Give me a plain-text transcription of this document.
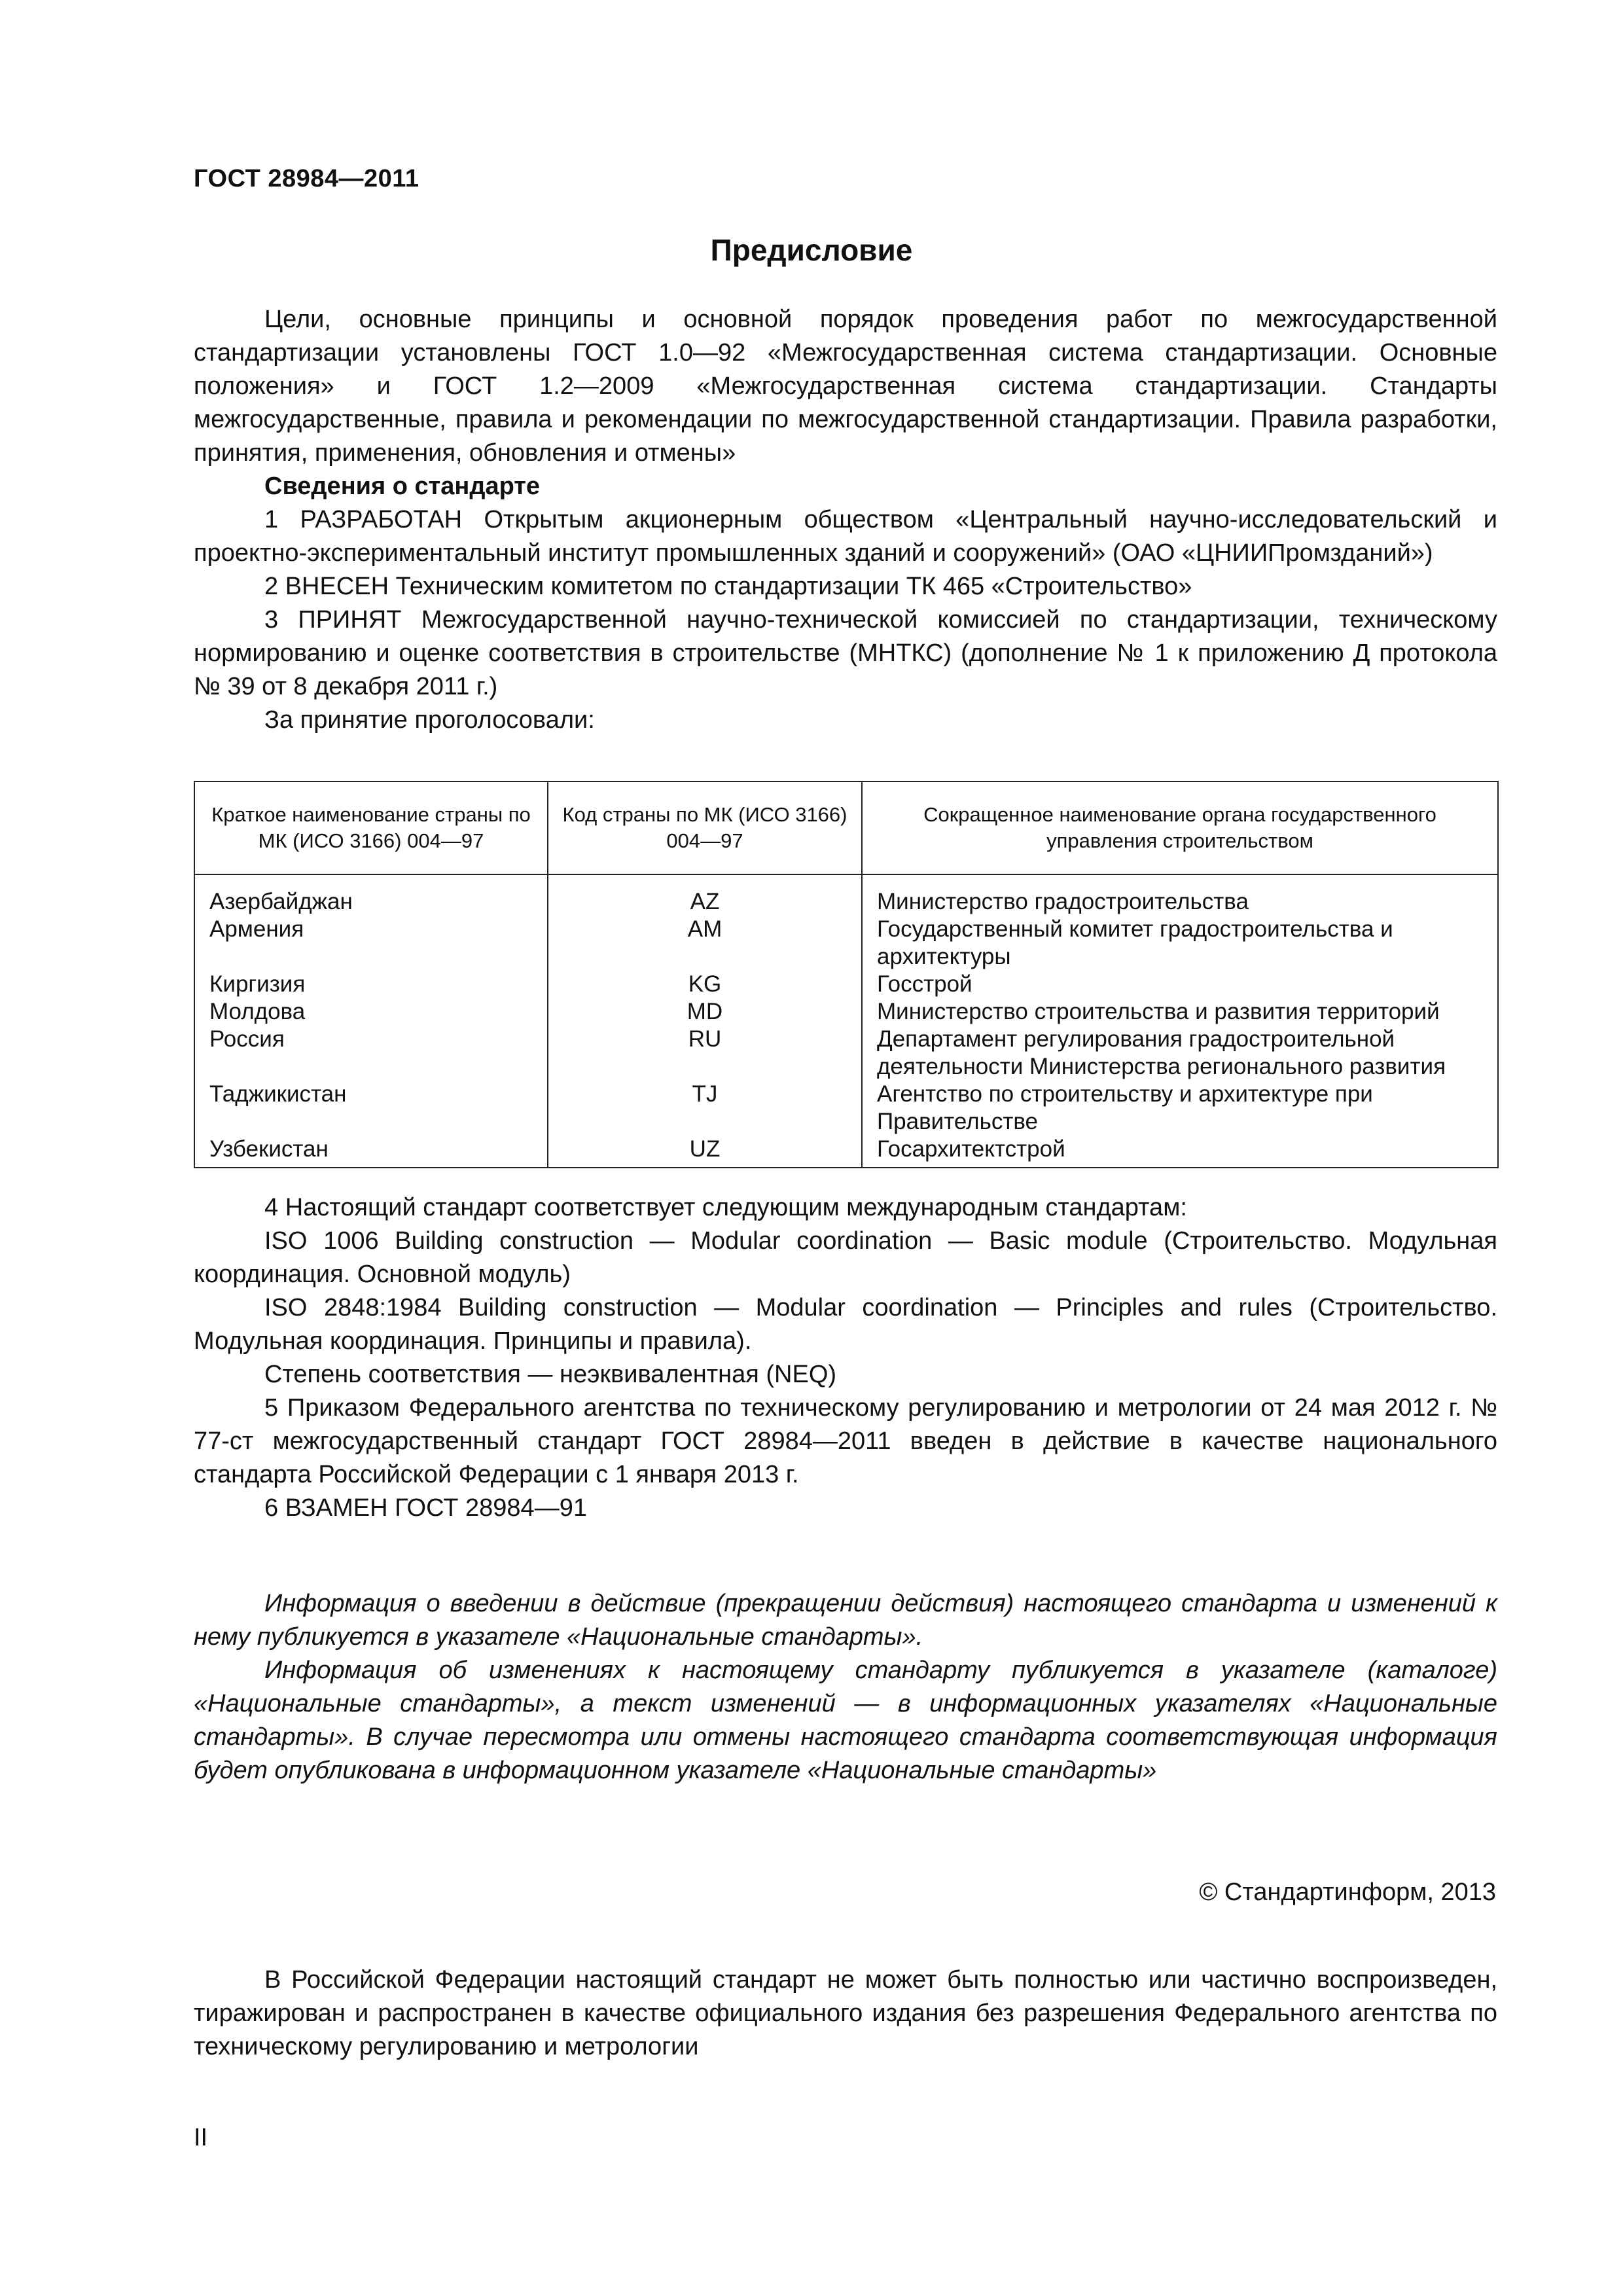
ГОСТ 28984—2011
Предисловие

Цели, основные принципы и основной порядок проведения работ по межгосударственной стандартизации установлены ГОСТ 1.0—92 «Межгосударственная система стандартизации. Основные положения» и ГОСТ 1.2—2009 «Межгосударственная система стандартизации. Стандарты межгосударственные, правила и рекомендации по межгосударственной стандартизации. Правила разработки, принятия, применения, обновления и отмены»

Сведения о стандарте

1 РАЗРАБОТАН Открытым акционерным обществом «Центральный научно-исследовательский и проектно-экспериментальный институт промышленных зданий и сооружений» (ОАО «ЦНИИПромзданий»)

2 ВНЕСЕН Техническим комитетом по стандартизации ТК 465 «Строительство»

3 ПРИНЯТ Межгосударственной научно-технической комиссией по стандартизации, техническому нормированию и оценке соответствия в строительстве (МНТКС) (дополнение № 1 к приложению Д протокола № 39 от 8 декабря 2011 г.)

За принятие проголосовали:

Краткое наименование страны по МК (ИСО 3166) 004—97	Код страны по МК (ИСО 3166) 004—97	Сокращенное наименование органа государственного управления строительством
Азербайджан	AZ	Министерство градостроительства
Армения	AM	Государственный комитет градостроительства и архитектуры
Киргизия	KG	Госстрой
Молдова	MD	Министерство строительства и развития территорий
Россия	RU	Департамент регулирования градостроительной деятельности Министерства регионального развития
Таджикистан	TJ	Агентство по строительству и архитектуре при Правительстве
Узбекистан	UZ	Госархитектстрой

4 Настоящий стандарт соответствует следующим международным стандартам:

ISO 1006 Building construction — Modular coordination — Basic module (Строительство. Модульная координация. Основной модуль)

ISO 2848:1984 Building construction — Modular coordination — Principles and rules (Строительство. Модульная координация. Принципы и правила).

Степень соответствия — неэквивалентная (NEQ)

5 Приказом Федерального агентства по техническому регулированию и метрологии от 24 мая 2012 г. № 77-ст межгосударственный стандарт ГОСТ 28984—2011 введен в действие в качестве национального стандарта Российской Федерации с 1 января 2013 г.

6 ВЗАМЕН ГОСТ 28984—91

Информация о введении в действие (прекращении действия) настоящего стандарта и изменений к нему публикуется в указателе «Национальные стандарты».

Информация об изменениях к настоящему стандарту публикуется в указателе (каталоге) «Национальные стандарты», а текст изменений — в информационных указателях «Национальные стандарты». В случае пересмотра или отмены настоящего стандарта соответствующая информация будет опубликована в информационном указателе «Национальные стандарты»

© Стандартинформ, 2013

В Российской Федерации настоящий стандарт не может быть полностью или частично воспроизведен, тиражирован и распространен в качестве официального издания без разрешения Федерального агентства по техническому регулированию и метрологии

II
